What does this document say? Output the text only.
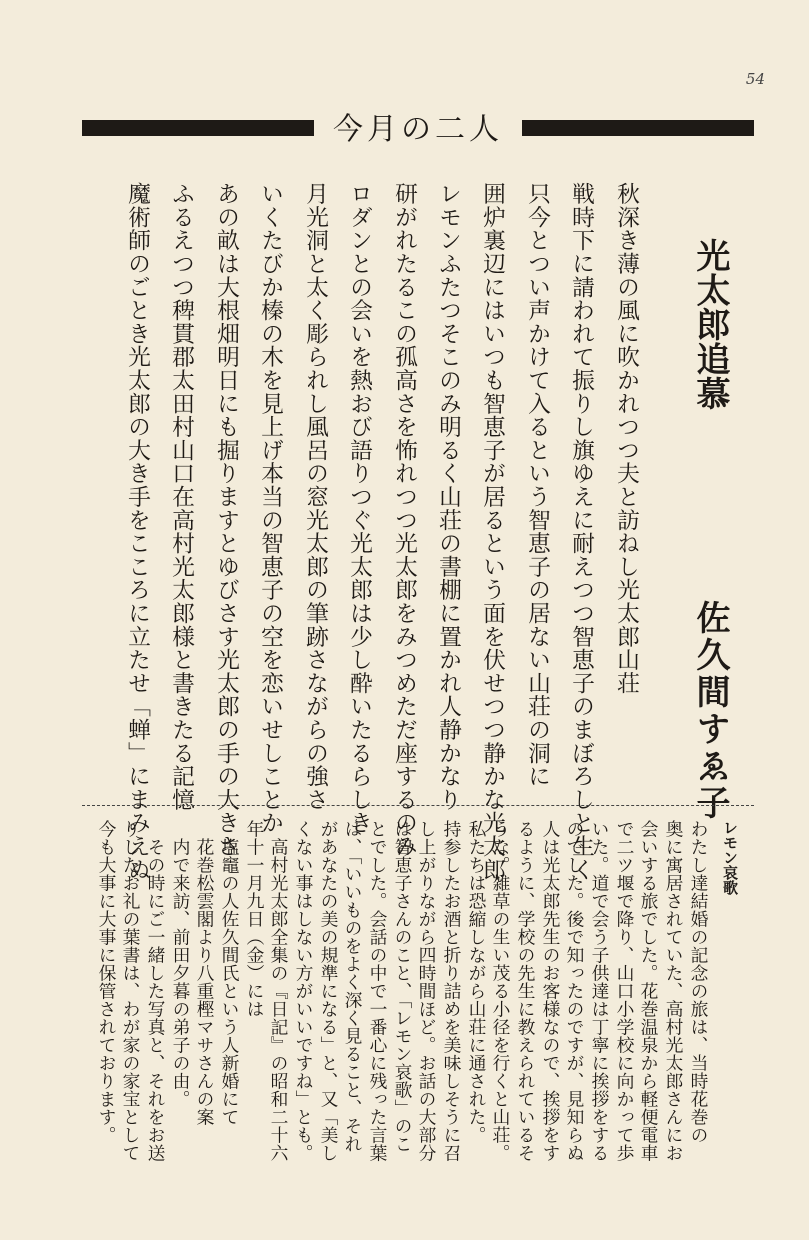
54
今月の二人
光太郎追慕
佐久間すゑ子
秋深き薄の風に吹かれつつ夫と訪ねし光太郎山荘
戦時下に請われて振りし旗ゆえに耐えつつ智恵子のまぼろしと生く
只今とつい声かけて入るという智恵子の居ない山荘の洞に
囲炉裏辺にはいつも智恵子が居るという面を伏せつつ静かな光太郎
レモンふたつそこのみ明るく山荘の書棚に置かれ人静かなり
研がれたるこの孤高さを怖れつつ光太郎をみつめただ座するのみ
ロダンとの会いを熱おび語りつぐ光太郎は少し酔いたるらしき
月光洞と太く彫られし風呂の窓光太郎の筆跡さながらの強さ
いくたびか榛の木を見上げ本当の智恵子の空を恋いせしことか
あの畝は大根畑明日にも掘りますとゆびさす光太郎の手の大きさ
ふるえつつ稗貫郡太田村山口在高村光太郎様と書きたる記憶
魔術師のごとき光太郎の大き手をこころに立たせ「蝉」にまみえぬ	レモン哀歌
わたし達結婚の記念の旅は、当時花巻の
奥に寓居されていた、高村光太郎さんにお
会いする旅でした。花巻温泉から軽便電車
で二ツ堰で降り、山口小学校に向かって歩
いた。道で会う子供達は丁寧に挨拶をする
のでした。後で知ったのですが、見知らぬ
人は光太郎先生のお客様なので、挨拶をす
るように、学校の先生に教えられているそ
うな。雑草の生い茂る小径を行くと山荘。
私たちは恐縮しながら山荘に通された。
持参したお酒と折り詰めを美味しそうに召
し上がりながら四時間ほど。お話の大部分
は智恵子さんのこと、「レモン哀歌」のこ
とでした。会話の中で一番心に残った言葉
は、「いいものをよく深く見ること、それ
があなたの美の規準になる」と、又「美し
くない事はしない方がいいですね」とも。
高村光太郎全集の『日記』の昭和二十六
年十一月九日（金）には
塩竈の人佐久間氏という人新婚にて
花巻松雲閣より八重樫マサさんの案
内で来訪、前田夕暮の弟子の由。
その時にご一緒した写真と、それをお送
りしたお礼の葉書は、わが家の家宝として
今も大事に大事に保管されております。
